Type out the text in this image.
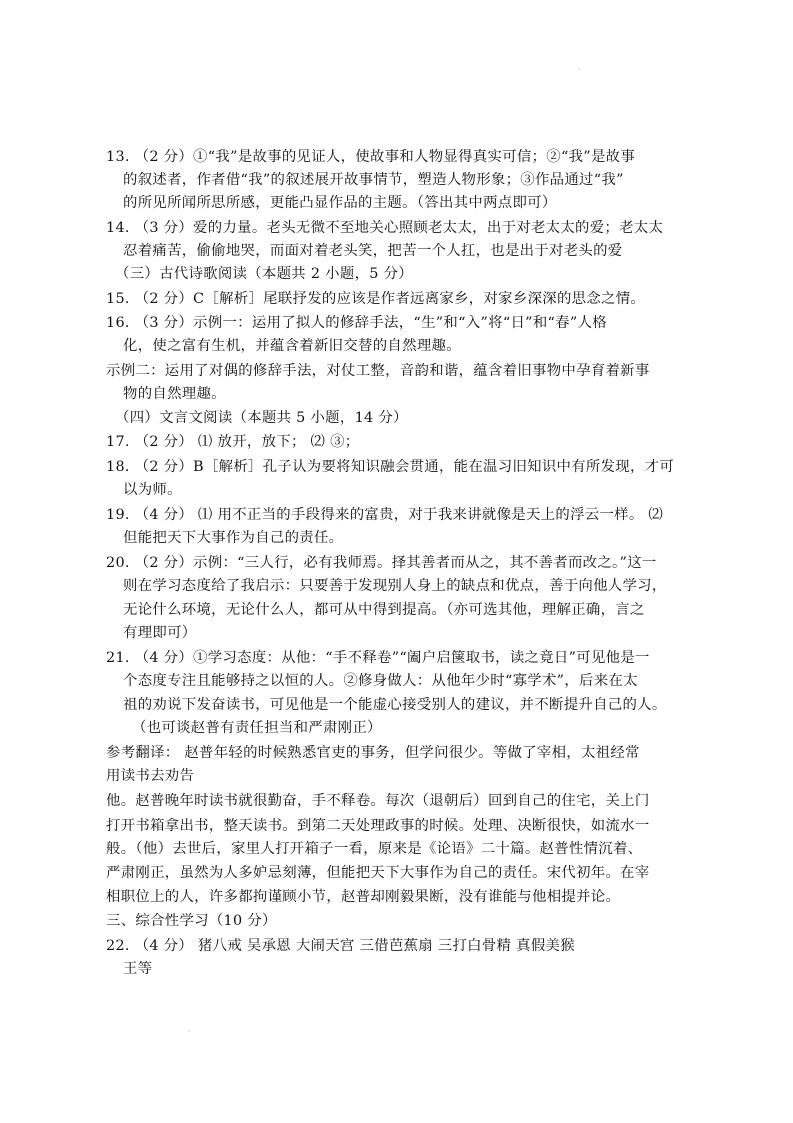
13. （2 分）①“我”是故事的见证人，使故事和人物显得真实可信；②“我”是故事
的叙述者，作者借“我”的叙述展开故事情节，塑造人物形象；③作品通过“我”
的所见所闻所思所感，更能凸显作品的主题。（答出其中两点即可）
14. （3 分）爱的力量。老头无微不至地关心照顾老太太，出于对老太太的爱；老太太
忍着痛苦，偷偷地哭，而面对着老头笑，把苦一个人扛，也是出于对老头的爱
（三）古代诗歌阅读（本题共 2 小题，5 分）
15. （2 分）C［解析］尾联抒发的应该是作者远离家乡，对家乡深深的思念之情。
16. （3 分）示例一：运用了拟人的修辞手法，“生”和“入”将“日”和“春”人格
化，使之富有生机，并蕴含着新旧交替的自然理趣。
示例二：运用了对偶的修辞手法，对仗工整，音韵和谐，蕴含着旧事物中孕育着新事
物的自然理趣。
（四）文言文阅读（本题共 5 小题，14 分）
17. （2 分） ⑴ 放开，放下； ⑵ ③；
18. （2 分）B［解析］孔子认为要将知识融会贯通，能在温习旧知识中有所发现，才可
以为师。
19. （4 分） ⑴ 用不正当的手段得来的富贵，对于我来讲就像是天上的浮云一样。 ⑵
但能把天下大事作为自己的责任。
20. （2 分）示例：“三人行，必有我师焉。择其善者而从之，其不善者而改之。”这一
则在学习态度给了我启示：只要善于发现别人身上的缺点和优点，善于向他人学习，
无论什么环境，无论什么人，都可从中得到提高。（亦可选其他，理解正确，言之
有理即可）
21. （4 分）①学习态度：从他：“手不释卷”“阖户启箧取书，读之竟日”可见他是一
个态度专注且能够持之以恒的人。②修身做人：从他年少时“寡学术”，后来在太
祖的劝说下发奋读书，可见他是一个能虚心接受别人的建议，并不断提升自己的人。
（也可谈赵普有责任担当和严肃刚正）
参考翻译： 赵普年轻的时候熟悉官吏的事务，但学问很少。等做了宰相，太祖经常
用读书去劝告
他。赵普晚年时读书就很勤奋，手不释卷。每次（退朝后）回到自己的住宅，关上门
打开书箱拿出书，整天读书。到第二天处理政事的时候。处理、决断很快，如流水一
般。（他）去世后，家里人打开箱子一看，原来是《论语》二十篇。赵普性情沉着、
严肃刚正，虽然为人多妒忌刻薄，但能把天下大事作为自己的责任。宋代初年。在宰
相职位上的人，许多都拘谨顾小节，赵普却刚毅果断，没有谁能与他相提并论。
三、综合性学习（10 分）
22. （4 分） 猪八戒 吴承恩 大闹天宫 三借芭蕉扇 三打白骨精 真假美猴
王等
